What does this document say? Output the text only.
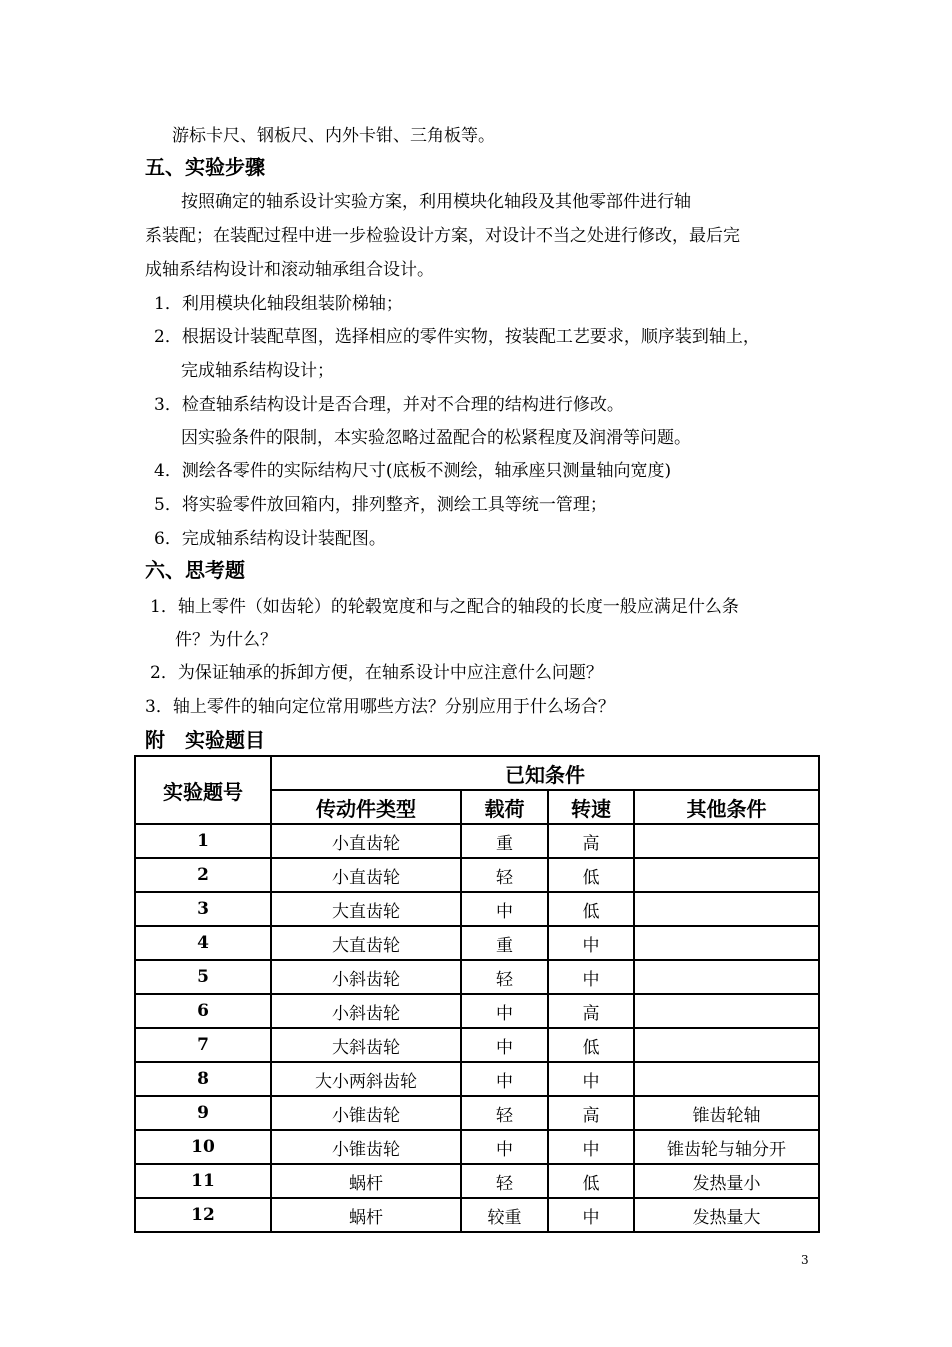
游标卡尺、钢板尺、内外卡钳、三角板等。
五、实验步骤
按照确定的轴系设计实验方案，利用模块化轴段及其他零部件进行轴
系装配；在装配过程中进一步检验设计方案，对设计不当之处进行修改，最后完
成轴系结构设计和滚动轴承组合设计。
1．利用模块化轴段组装阶梯轴；
2．根据设计装配草图，选择相应的零件实物，按装配工艺要求，顺序装到轴上，
完成轴系结构设计；
3．检查轴系结构设计是否合理，并对不合理的结构进行修改。
因实验条件的限制，本实验忽略过盈配合的松紧程度及润滑等问题。
4．测绘各零件的实际结构尺寸(底板不测绘，轴承座只测量轴向宽度)
5．将实验零件放回箱内，排列整齐，测绘工具等统一管理；
6．完成轴系结构设计装配图。
六、思考题
1．轴上零件（如齿轮）的轮毂宽度和与之配合的轴段的长度一般应满足什么条
件？为什么？
2．为保证轴承的拆卸方便，在轴系设计中应注意什么问题？
3．轴上零件的轴向定位常用哪些方法？分别应用于什么场合？
附　实验题目
实验题号	已知条件			
	传动件类型	载荷	转速	其他条件
1	小直齿轮	重	高	
2	小直齿轮	轻	低	
3	大直齿轮	中	低	
4	大直齿轮	重	中	
5	小斜齿轮	轻	中	
6	小斜齿轮	中	高	
7	大斜齿轮	中	低	
8	大小两斜齿轮	中	中	
9	小锥齿轮	轻	高	锥齿轮轴
10	小锥齿轮	中	中	锥齿轮与轴分开
11	蜗杆	轻	低	发热量小
12	蜗杆	较重	中	发热量大
3
